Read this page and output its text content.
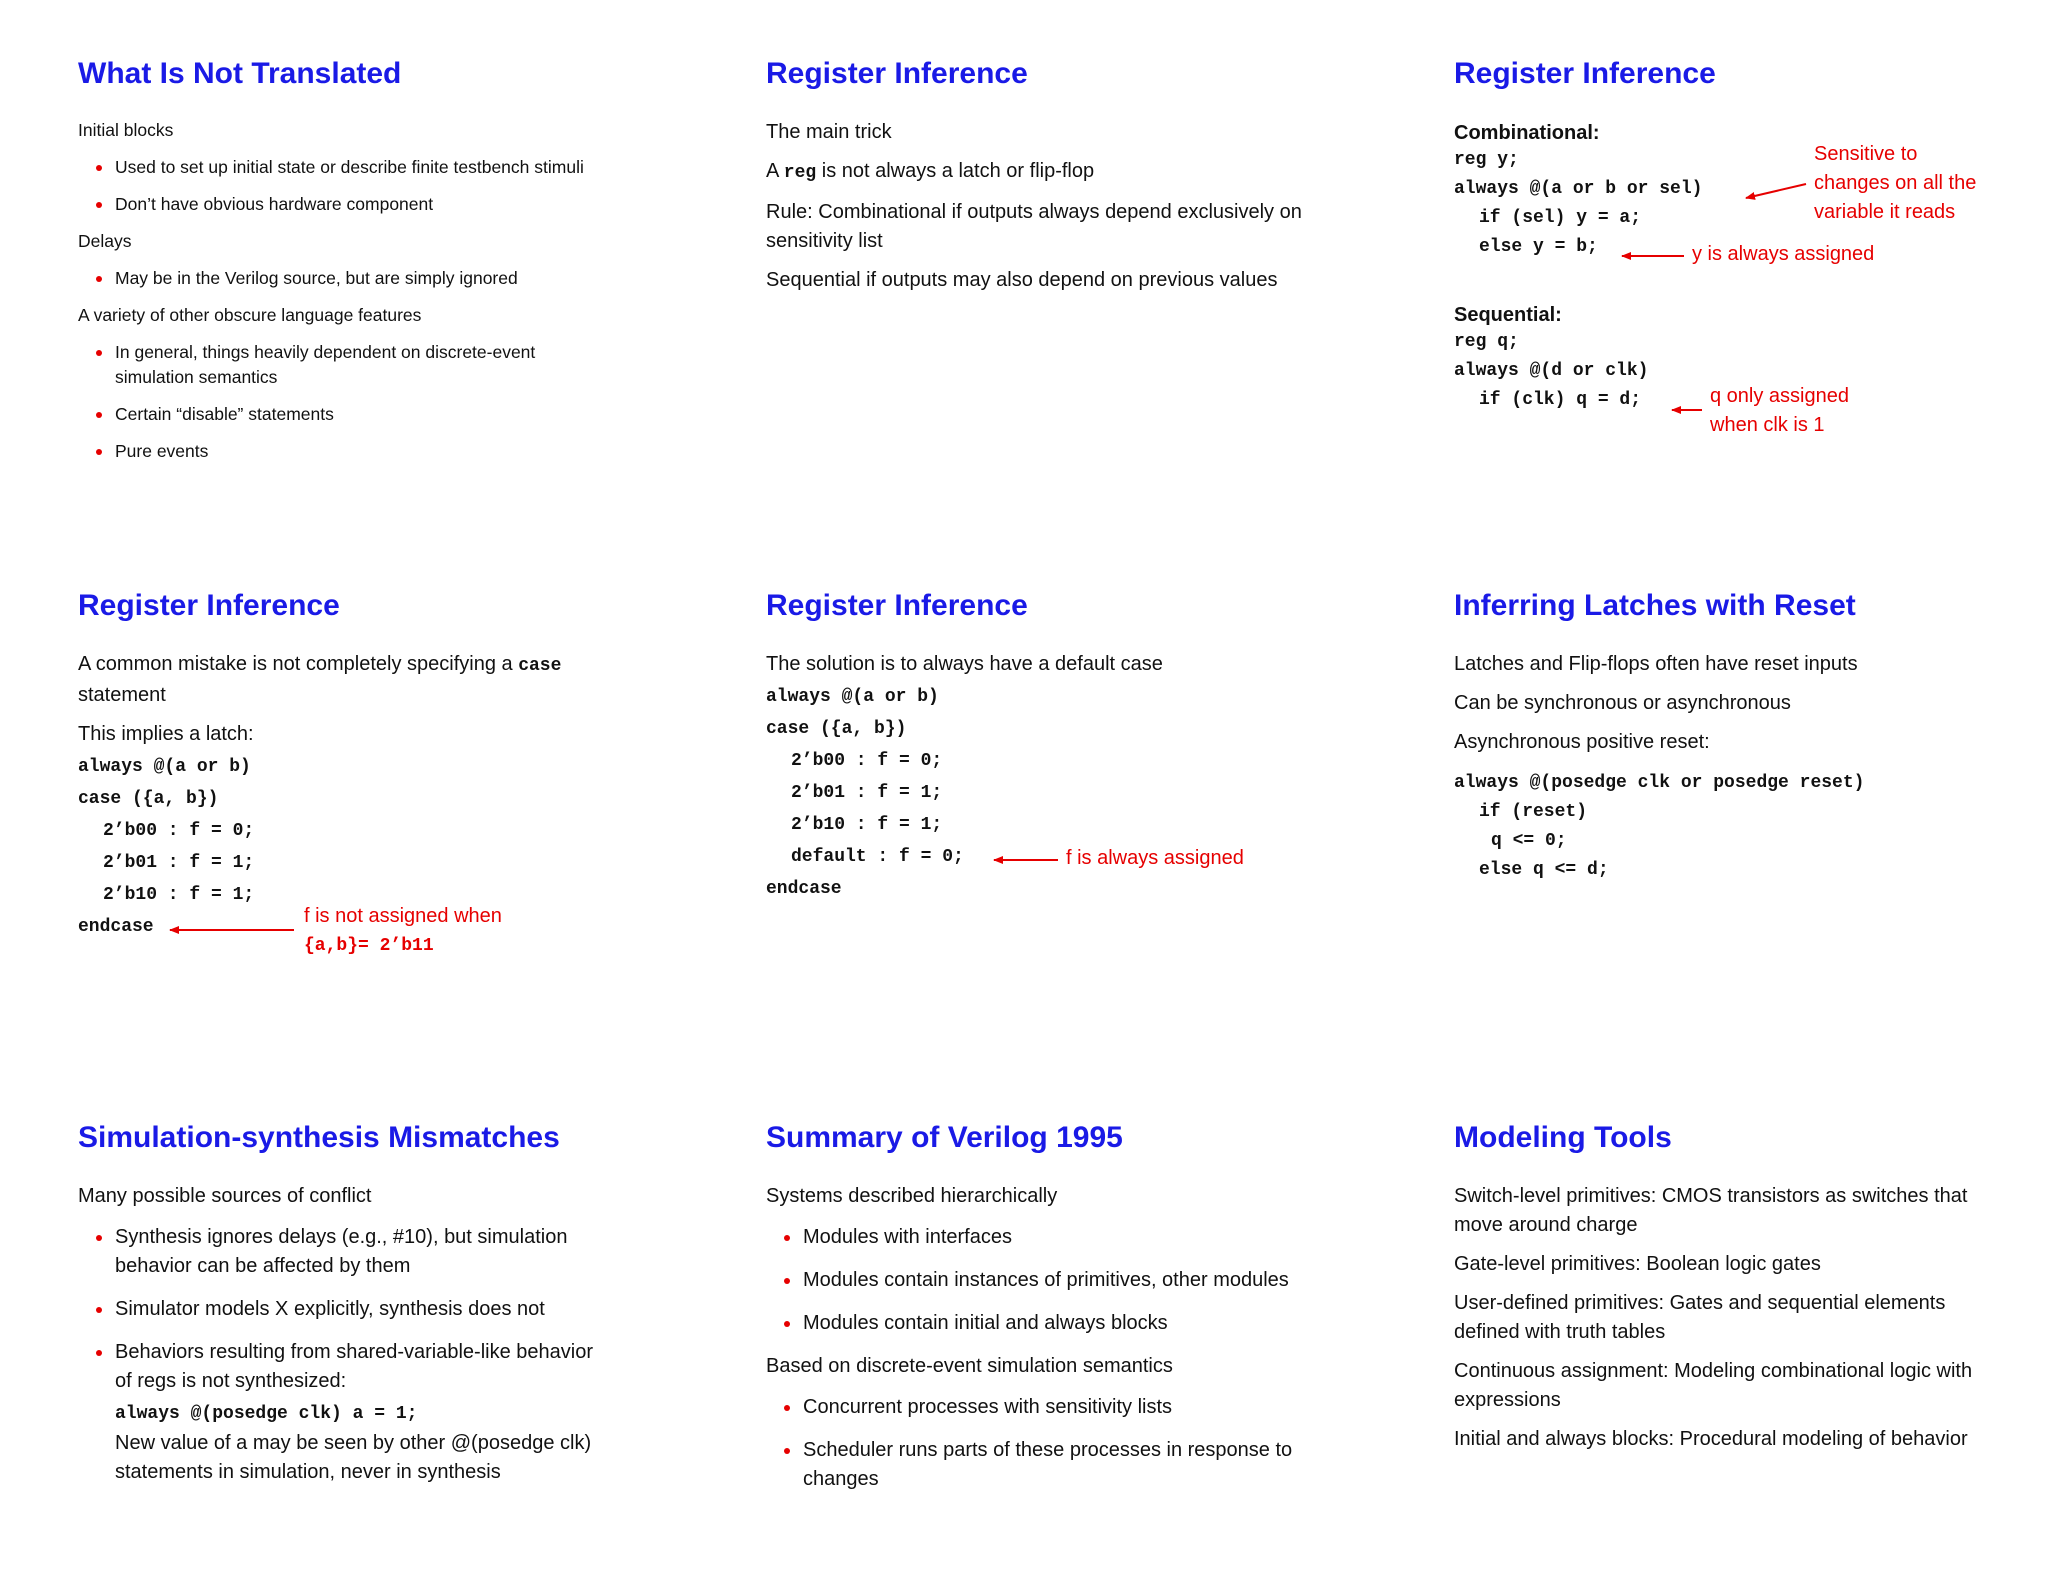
What Is Not Translated
Initial blocks
Used to set up initial state or describe finite testbench stimuli
Don’t have obvious hardware component
Delays
May be in the Verilog source, but are simply ignored
A variety of other obscure language features
In general, things heavily dependent on discrete-event simulation semantics
Certain “disable” statements
Pure events
Register Inference
The main trick
A reg is not always a latch or flip-flop
Rule: Combinational if outputs always depend exclusively on sensitivity list
Sequential if outputs may also depend on previous values
Register Inference
Combinational:
reg y;
always @(a or b or sel)
if (sel) y = a;
else y = b;
Sequential:
reg q;
always @(d or clk)
if (clk) q = d;
Sensitive to
changes on all the
variable it reads
y is always assigned
q only assigned
when clk is 1
Register Inference
A common mistake is not completely specifying a case statement
This implies a latch:
always @(a or b)
case ({a, b})
2’b00 : f = 0;
2’b01 : f = 1;
2’b10 : f = 1;
endcase	f is not assigned when
{a,b}= 2’b11
Register Inference
The solution is to always have a default case
always @(a or b)
case ({a, b})
2’b00 : f = 0;
2’b01 : f = 1;
2’b10 : f = 1;
default : f = 0;
endcase
f is always assigned
Inferring Latches with Reset
Latches and Flip-flops often have reset inputs
Can be synchronous or asynchronous
Asynchronous positive reset:
always @(posedge clk or posedge reset)
if (reset)
q <= 0;
else q <= d;
Simulation-synthesis Mismatches
Many possible sources of conflict
Synthesis ignores delays (e.g., #10), but simulation behavior can be affected by them
Simulator models X explicitly, synthesis does not
Behaviors resulting from shared-variable-like behavior of regs is not synthesized:
always @(posedge clk) a = 1;
New value of a may be seen by other @(posedge clk) statements in simulation, never in synthesis
Summary of Verilog 1995
Systems described hierarchically
Modules with interfaces
Modules contain instances of primitives, other modules
Modules contain initial and always blocks
Based on discrete-event simulation semantics
Concurrent processes with sensitivity lists
Scheduler runs parts of these processes in response to changes
Modeling Tools
Switch-level primitives: CMOS transistors as switches that move around charge
Gate-level primitives: Boolean logic gates
User-defined primitives: Gates and sequential elements defined with truth tables
Continuous assignment: Modeling combinational logic with expressions
Initial and always blocks: Procedural modeling of behavior
